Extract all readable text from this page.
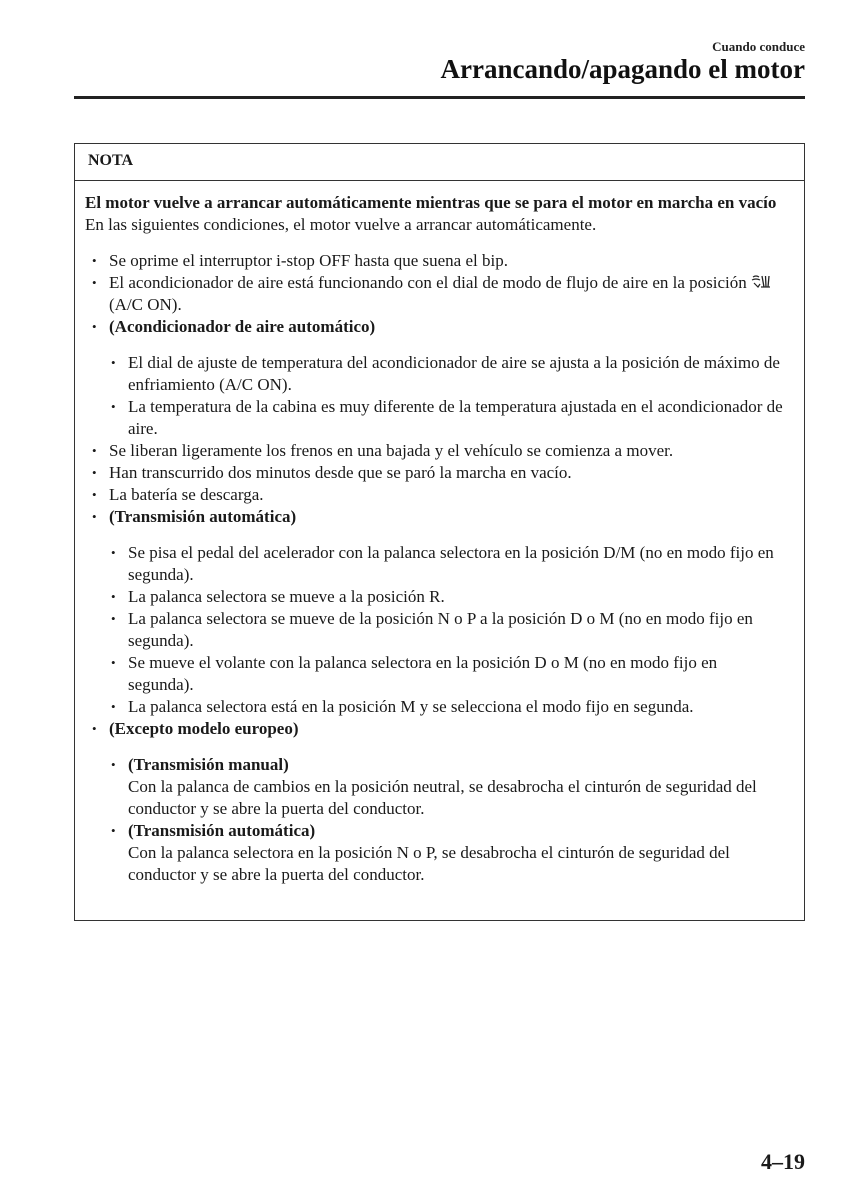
Cuando conduce
Arrancando/apagando el motor
NOTA
El motor vuelve a arrancar automáticamente mientras que se para el motor en marcha en vacío
En las siguientes condiciones, el motor vuelve a arrancar automáticamente.
• Se oprime el interruptor i-stop OFF hasta que suena el bip.
• El acondicionador de aire está funcionando con el dial de modo de flujo de aire en la posición  (A/C ON).
• (Acondicionador de aire automático)
• El dial de ajuste de temperatura del acondicionador de aire se ajusta a la posición de máximo de enfriamiento (A/C ON).
• La temperatura de la cabina es muy diferente de la temperatura ajustada en el acondicionador de aire.
• Se liberan ligeramente los frenos en una bajada y el vehículo se comienza a mover.
• Han transcurrido dos minutos desde que se paró la marcha en vacío.
• La batería se descarga.
• (Transmisión automática)
• Se pisa el pedal del acelerador con la palanca selectora en la posición D/M (no en modo fijo en segunda).
• La palanca selectora se mueve a la posición R.
• La palanca selectora se mueve de la posición N o P a la posición D o M (no en modo fijo en segunda).
• Se mueve el volante con la palanca selectora en la posición D o M (no en modo fijo en segunda).
• La palanca selectora está en la posición M y se selecciona el modo fijo en segunda.
• (Excepto modelo europeo)
• (Transmisión manual)
Con la palanca de cambios en la posición neutral, se desabrocha el cinturón de seguridad del conductor y se abre la puerta del conductor.
• (Transmisión automática)
Con la palanca selectora en la posición N o P, se desabrocha el cinturón de seguridad del conductor y se abre la puerta del conductor.
4–19
